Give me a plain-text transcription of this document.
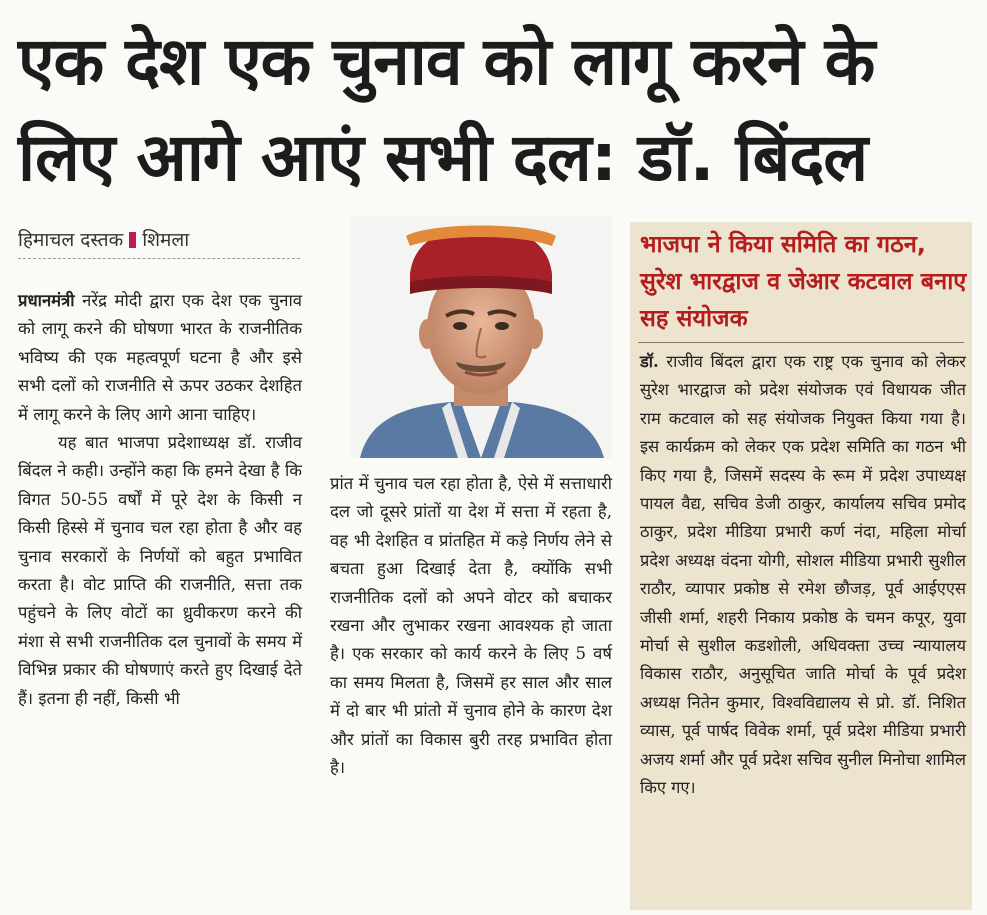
एक देश एक चुनाव को लागू करने के लिए आगे आएं सभी दल: डॉ. बिंदल
हिमाचल दस्तक शिमला

प्रधानमंत्री नरेंद्र मोदी द्वारा एक देश एक चुनाव को लागू करने की घोषणा भारत के राजनीतिक भविष्य की एक महत्वपूर्ण घटना है और इसे सभी दलों को राजनीति से ऊपर उठकर देशहित में लागू करने के लिए आगे आना चाहिए।

यह बात भाजपा प्रदेशाध्यक्ष डॉ. राजीव बिंदल ने कही। उन्होंने कहा कि हमने देखा है कि विगत 50-55 वर्षों में पूरे देश के किसी न किसी हिस्से में चुनाव चल रहा होता है और वह चुनाव सरकारों के निर्णयों को बहुत प्रभावित करता है। वोट प्राप्ति की राजनीति, सत्ता तक पहुंचने के लिए वोटों का ध्रुवीकरण करने की मंशा से सभी राजनीतिक दल चुनावों के समय में विभिन्न प्रकार की घोषणाएं करते हुए दिखाई देते हैं। इतना ही नहीं, किसी भी

प्रांत में चुनाव चल रहा होता है, ऐसे में सत्ताधारी दल जो दूसरे प्रांतों या देश में सत्ता में रहता है, वह भी देशहित व प्रांतहित में कड़े निर्णय लेने से बचता हुआ दिखाई देता है, क्योंकि सभी राजनीतिक दलों को अपने वोटर को बचाकर रखना और लुभाकर रखना आवश्यक हो जाता है। एक सरकार को कार्य करने के लिए 5 वर्ष का समय मिलता है, जिसमें हर साल और साल में दो बार भी प्रांतो में चुनाव होने के कारण देश और प्रांतों का विकास बुरी तरह प्रभावित होता है।
भाजपा ने किया समिति का गठन, सुरेश भारद्वाज व जेआर कटवाल बनाए सह संयोजक
डॉ. राजीव बिंदल द्वारा एक राष्ट्र एक चुनाव को लेकर सुरेश भारद्वाज को प्रदेश संयोजक एवं विधायक जीत राम कटवाल को सह संयोजक नियुक्त किया गया है। इस कार्यक्रम को लेकर एक प्रदेश समिति का गठन भी किए गया है, जिसमें सदस्य के रूम में प्रदेश उपाध्यक्ष पायल वैद्य, सचिव डेजी ठाकुर, कार्यालय सचिव प्रमोद ठाकुर, प्रदेश मीडिया प्रभारी कर्ण नंदा, महिला मोर्चा प्रदेश अध्यक्ष वंदना योगी, सोशल मीडिया प्रभारी सुशील राठौर, व्यापार प्रकोष्ठ से रमेश छौजड़, पूर्व आईएएस जीसी शर्मा, शहरी निकाय प्रकोष्ठ के चमन कपूर, युवा मोर्चा से सुशील कडशोली, अधिवक्ता उच्च न्यायालय विकास राठौर, अनुसूचित जाति मोर्चा के पूर्व प्रदेश अध्यक्ष नितेन कुमार, विश्वविद्यालय से प्रो. डॉ. निशित व्यास, पूर्व पार्षद विवेक शर्मा, पूर्व प्रदेश मीडिया प्रभारी अजय शर्मा और पूर्व प्रदेश सचिव सुनील मिनोचा शामिल किए गए।
